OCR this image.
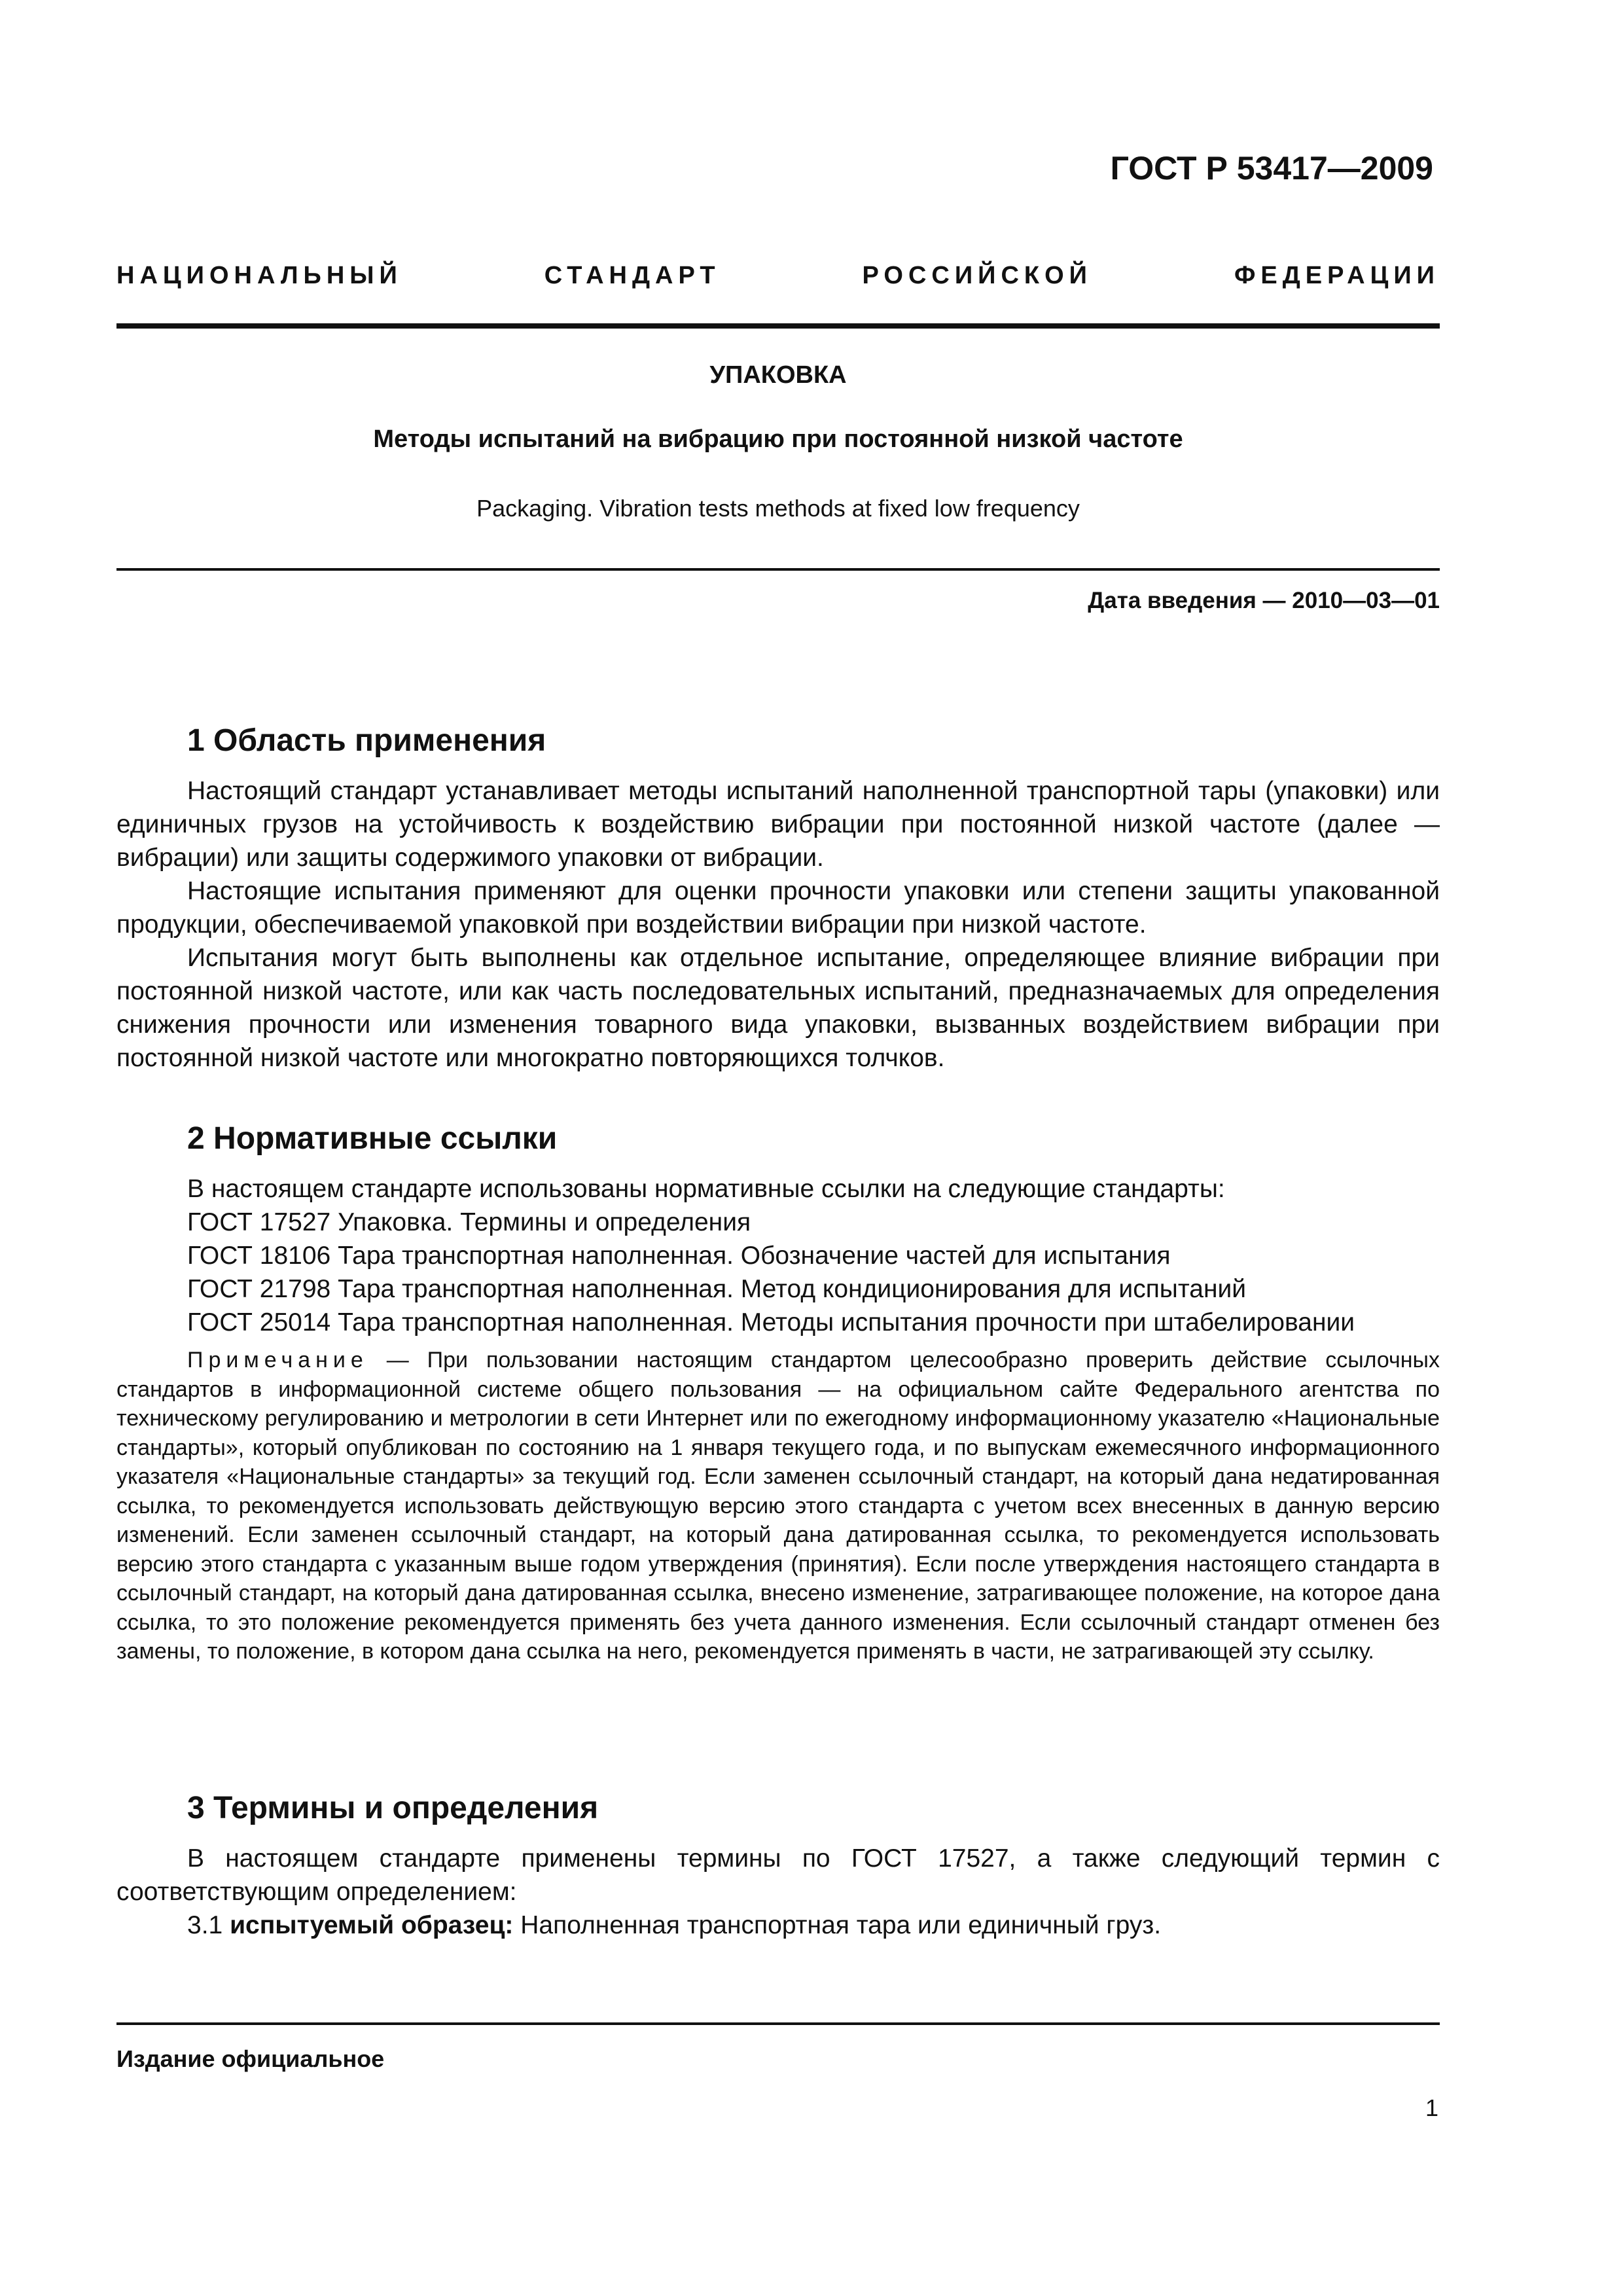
ГОСТ Р 53417—2009
НАЦИОНАЛЬНЫЙ	СТАНДАРТ	РОССИЙСКОЙ	ФЕДЕРАЦИИ
УПАКОВКА
Методы испытаний на вибрацию при постоянной низкой частоте
Packaging. Vibration tests methods at fixed low frequency
Дата введения — 2010—03—01
1 Область применения

Настоящий стандарт устанавливает методы испытаний наполненной транспортной тары (упаковки) или единичных грузов на устойчивость к воздействию вибрации при постоянной низкой частоте (далее — вибрации) или защиты содержимого упаковки от вибрации.

Настоящие испытания применяют для оценки прочности упаковки или степени защиты упакованной продукции, обеспечиваемой упаковкой при воздействии вибрации при низкой частоте.

Испытания могут быть выполнены как отдельное испытание, определяющее влияние вибрации при постоянной низкой частоте, или как часть последовательных испытаний, предназначаемых для определения снижения прочности или изменения товарного вида упаковки, вызванных воздействием вибрации при постоянной низкой частоте или многократно повторяющихся толчков.

2 Нормативные ссылки

В настоящем стандарте использованы нормативные ссылки на следующие стандарты:

ГОСТ 17527 Упаковка. Термины и определения

ГОСТ 18106 Тара транспортная наполненная. Обозначение частей для испытания

ГОСТ 21798 Тара транспортная наполненная. Метод кондиционирования для испытаний

ГОСТ 25014 Тара транспортная наполненная. Методы испытания прочности при штабелировании

Примечание — При пользовании настоящим стандартом целесообразно проверить действие ссылочных стандартов в информационной системе общего пользования — на официальном сайте Федерального агентства по техническому регулированию и метрологии в сети Интернет или по ежегодному информационному указателю «Национальные стандарты», который опубликован по состоянию на 1 января текущего года, и по выпускам ежемесячного информационного указателя «Национальные стандарты» за текущий год. Если заменен ссылочный стандарт, на который дана недатированная ссылка, то рекомендуется использовать действующую версию этого стандарта с учетом всех внесенных в данную версию изменений. Если заменен ссылочный стандарт, на который дана датированная ссылка, то рекомендуется использовать версию этого стандарта с указанным выше годом утверждения (принятия). Если после утверждения настоящего стандарта в ссылочный стандарт, на который дана датированная ссылка, внесено изменение, затрагивающее положение, на которое дана ссылка, то это положение рекомендуется применять без учета данного изменения. Если ссылочный стандарт отменен без замены, то положение, в котором дана ссылка на него, рекомендуется применять в части, не затрагивающей эту ссылку.

3 Термины и определения

В настоящем стандарте применены термины по ГОСТ 17527, а также следующий термин с соответствующим определением:

3.1 испытуемый образец: Наполненная транспортная тара или единичный груз.

Издание официальное
1
